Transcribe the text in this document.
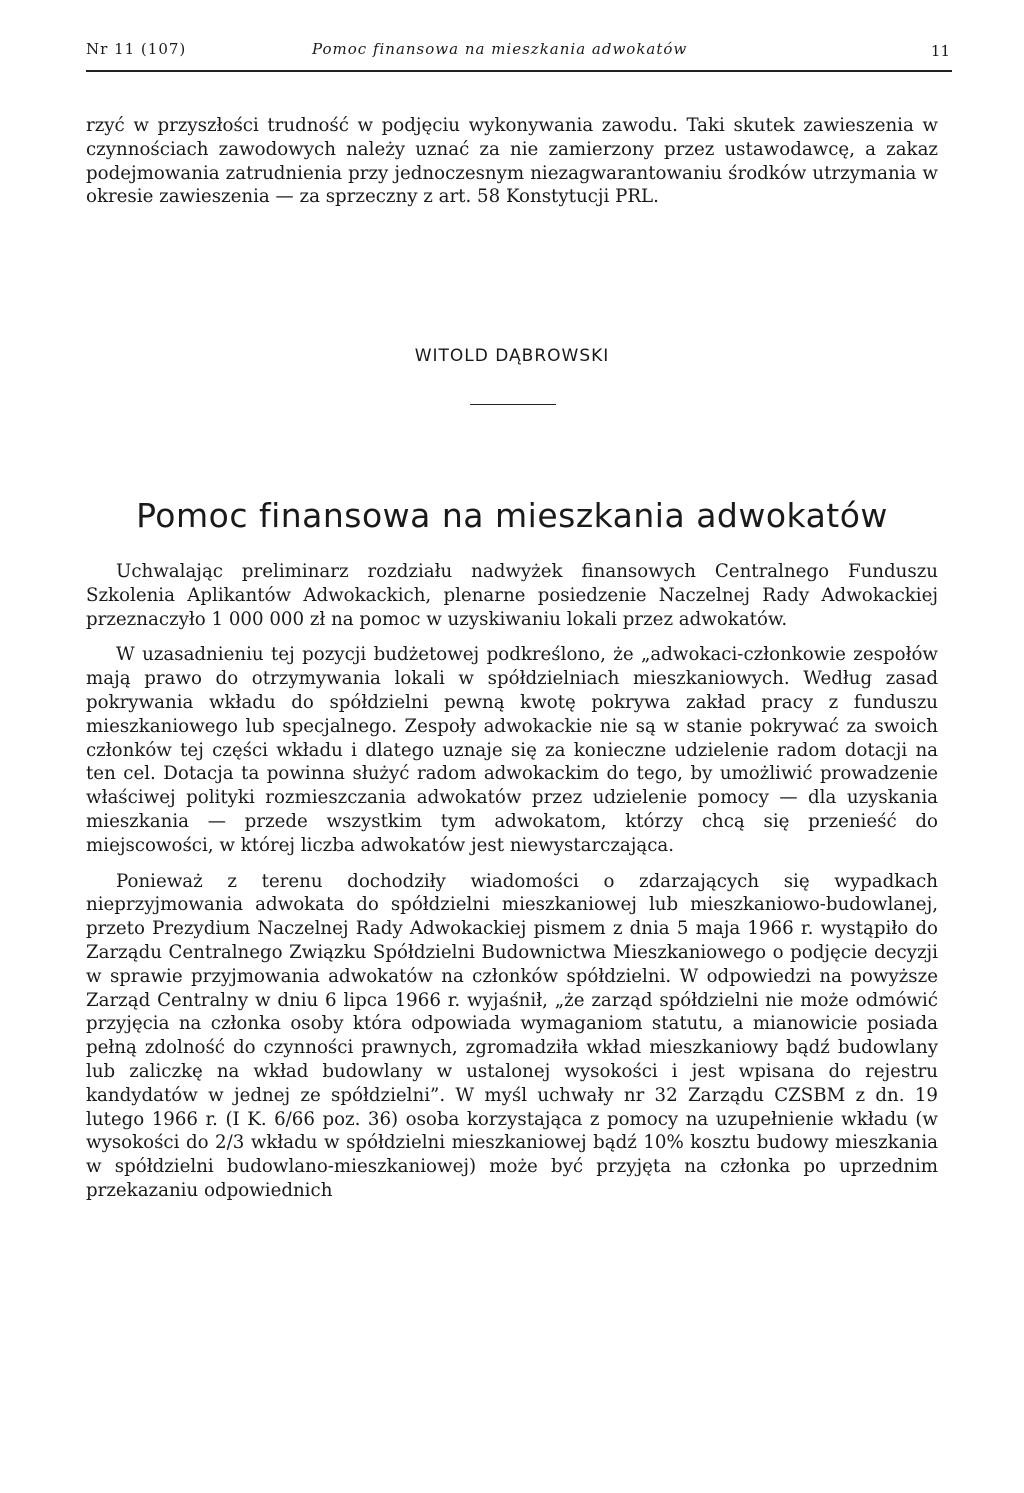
Nr 11 (107)	Pomoc finansowa na mieszkania adwokatów	11

rzyć w przyszłości trudność w podjęciu wykonywania zawodu. Taki skutek zawieszenia w czynnościach zawodowych należy uznać za nie zamierzony przez ustawodawcę, a zakaz podejmowania zatrudnienia przy jednoczesnym niezagwarantowaniu środków utrzymania w okresie zawieszenia — za sprzeczny z art. 58 Konstytucji PRL.

WITOLD DĄBROWSKI
Pomoc finansowa na mieszkania adwokatów

Uchwalając preliminarz rozdziału nadwyżek finansowych Centralnego Funduszu Szkolenia Aplikantów Adwokackich, plenarne posiedzenie Naczelnej Rady Adwokackiej przeznaczyło 1 000 000 zł na pomoc w uzyskiwaniu lokali przez adwokatów.

W uzasadnieniu tej pozycji budżetowej podkreślono, że „adwokaci-członkowie zespołów mają prawo do otrzymywania lokali w spółdzielniach mieszkaniowych. Według zasad pokrywania wkładu do spółdzielni pewną kwotę pokrywa zakład pracy z funduszu mieszkaniowego lub specjalnego. Zespoły adwokackie nie są w stanie pokrywać za swoich członków tej części wkładu i dlatego uznaje się za konieczne udzielenie radom dotacji na ten cel. Dotacja ta powinna służyć radom adwokackim do tego, by umożliwić prowadzenie właściwej polityki rozmieszczania adwokatów przez udzielenie pomocy — dla uzyskania mieszkania — przede wszystkim tym adwokatom, którzy chcą się przenieść do miejscowości, w której liczba adwokatów jest niewystarczająca.

Ponieważ z terenu dochodziły wiadomości o zdarzających się wypadkach nieprzyjmowania adwokata do spółdzielni mieszkaniowej lub mieszkaniowo-budowlanej, przeto Prezydium Naczelnej Rady Adwokackiej pismem z dnia 5 maja 1966 r. wystąpiło do Zarządu Centralnego Związku Spółdzielni Budownictwa Mieszkaniowego o podjęcie decyzji w sprawie przyjmowania adwokatów na członków spółdzielni. W odpowiedzi na powyższe Zarząd Centralny w dniu 6 lipca 1966 r. wyjaśnił, „że zarząd spółdzielni nie może odmówić przyjęcia na członka osoby która odpowiada wymaganiom statutu, a mianowicie posiada pełną zdolność do czynności prawnych, zgromadziła wkład mieszkaniowy bądź budowlany lub zaliczkę na wkład budowlany w ustalonej wysokości i jest wpisana do rejestru kandydatów w jednej ze spółdzielni”. W myśl uchwały nr 32 Zarządu CZSBM z dn. 19 lutego 1966 r. (I K. 6/66 poz. 36) osoba korzystająca z pomocy na uzupełnienie wkładu (w wysokości do 2/3 wkładu w spółdzielni mieszkaniowej bądź 10% kosztu budowy mieszkania w spółdzielni budowlano-mieszkaniowej) może być przyjęta na członka po uprzednim przekazaniu odpowiednich
